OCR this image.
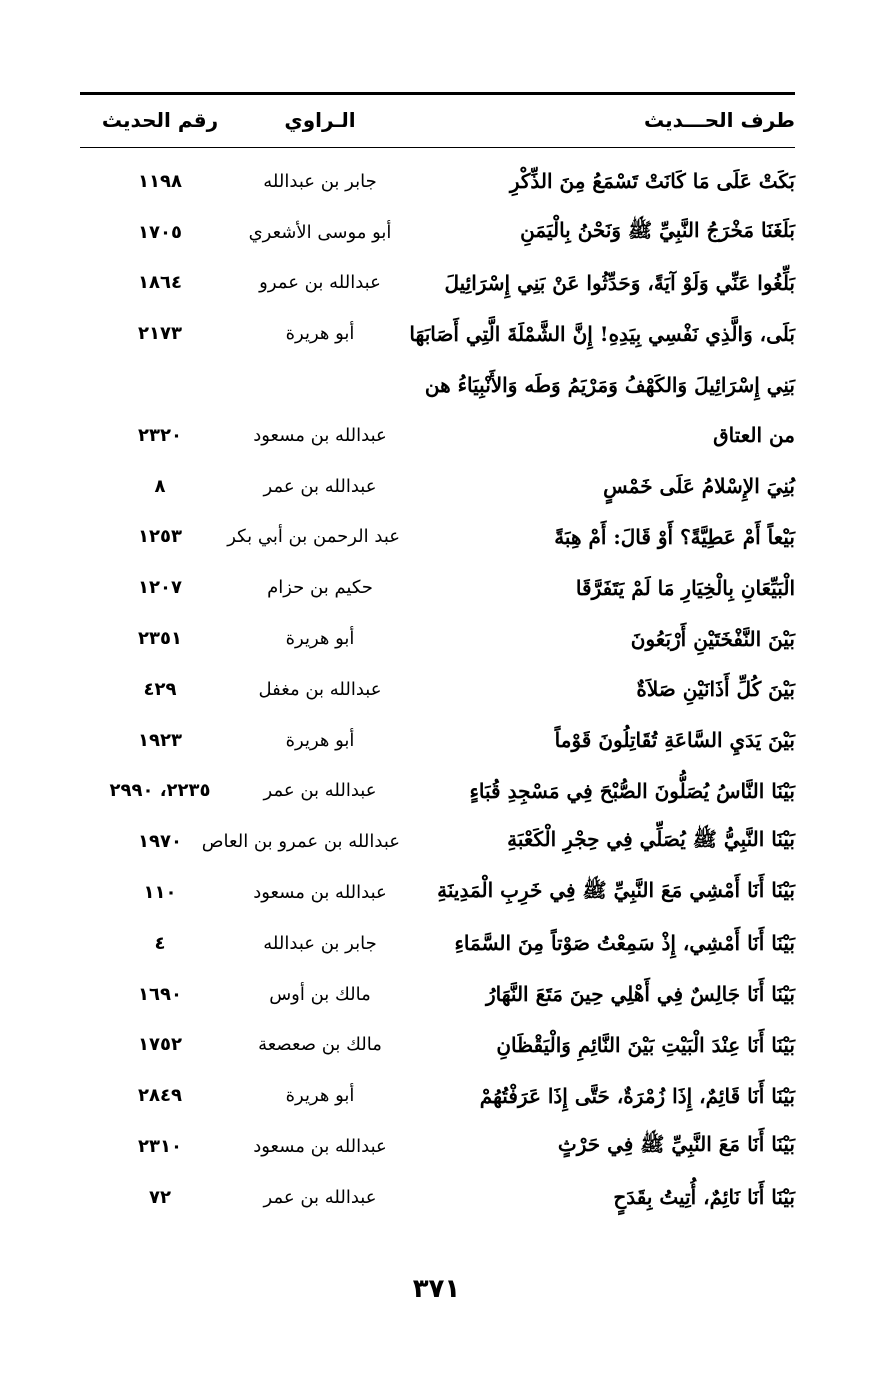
طرف الحـــديث
الـراوي
رقم الحديث
بَكَتْ عَلَى مَا كَانَتْ تَسْمَعُ مِنَ الذِّكْرِ
جابر بن عبدالله
١١٩٨
بَلَغَنَا مَخْرَجُ النَّبِيِّ ﷺ وَنَحْنُ بِالْيَمَنِ
أبو موسى الأشعري
١٧٠٥
بَلِّغُوا عَنِّي وَلَوْ آيَةً، وَحَدِّثُوا عَنْ بَنِي إِسْرَائِيلَ
عبدالله بن عمرو
١٨٦٤
بَلَى، وَالَّذِي نَفْسِي بِيَدِهِ! إِنَّ الشَّمْلَةَ الَّتِي أَصَابَهَا
أبو هريرة
٢١٧٣
بَنِي إِسْرَائِيلَ وَالكَهْفُ وَمَرْيَمُ وَطَه وَالأَنْبِيَاءُ هن
من العتاق
عبدالله بن مسعود
٢٣٢٠
بُنِيَ الإِسْلامُ عَلَى خَمْسٍ
عبدالله بن عمر
٨
بَيْعاً أَمْ عَطِيَّةً؟ أَوْ قَالَ: أَمْ هِبَةً
عبد الرحمن بن أبي بكر
١٢٥٣
الْبَيِّعَانِ بِالْخِيَارِ مَا لَمْ يَتَفَرَّقَا
حكيم بن حزام
١٢٠٧
بَيْنَ النَّفْخَتَيْنِ أَرْبَعُونَ
أبو هريرة
٢٣٥١
بَيْنَ كُلِّ أَذَانَيْنِ صَلاَةٌ
عبدالله بن مغفل
٤٢٩
بَيْنَ يَدَيِ السَّاعَةِ تُقَاتِلُونَ قَوْماً
أبو هريرة
١٩٢٣
بَيْنَا النَّاسُ يُصَلُّونَ الصُّبْحَ فِي مَسْجِدِ قُبَاءٍ
عبدالله بن عمر
٢٢٣٥، ٢٩٩٠
بَيْنَا النَّبِيُّ ﷺ يُصَلِّي فِي حِجْرِ الْكَعْبَةِ
عبدالله بن عمرو بن العاص
١٩٧٠
بَيْنَا أَنَا أَمْشِي مَعَ النَّبِيِّ ﷺ فِي خَرِبِ الْمَدِينَةِ
عبدالله بن مسعود
١١٠
بَيْنَا أَنَا أَمْشِي، إِذْ سَمِعْتُ صَوْتاً مِنَ السَّمَاءِ
جابر بن عبدالله
٤
بَيْنَا أَنَا جَالِسٌ فِي أَهْلِي حِينَ مَتَعَ النَّهَارُ
مالك بن أوس
١٦٩٠
بَيْنَا أَنَا عِنْدَ الْبَيْتِ بَيْنَ النَّائِمِ وَالْيَقْظَانِ
مالك بن صعصعة
١٧٥٢
بَيْنَا أَنَا قَائِمٌ، إِذَا زُمْرَةٌ، حَتَّى إِذَا عَرَفْتُهُمْ
أبو هريرة
٢٨٤٩
بَيْنَا أَنَا مَعَ النَّبِيِّ ﷺ فِي حَرْثٍ
عبدالله بن مسعود
٢٣١٠
بَيْنَا أَنَا نَائِمٌ، أُتِيتُ بِقَدَحٍ
عبدالله بن عمر
٧٢
٣٧١
